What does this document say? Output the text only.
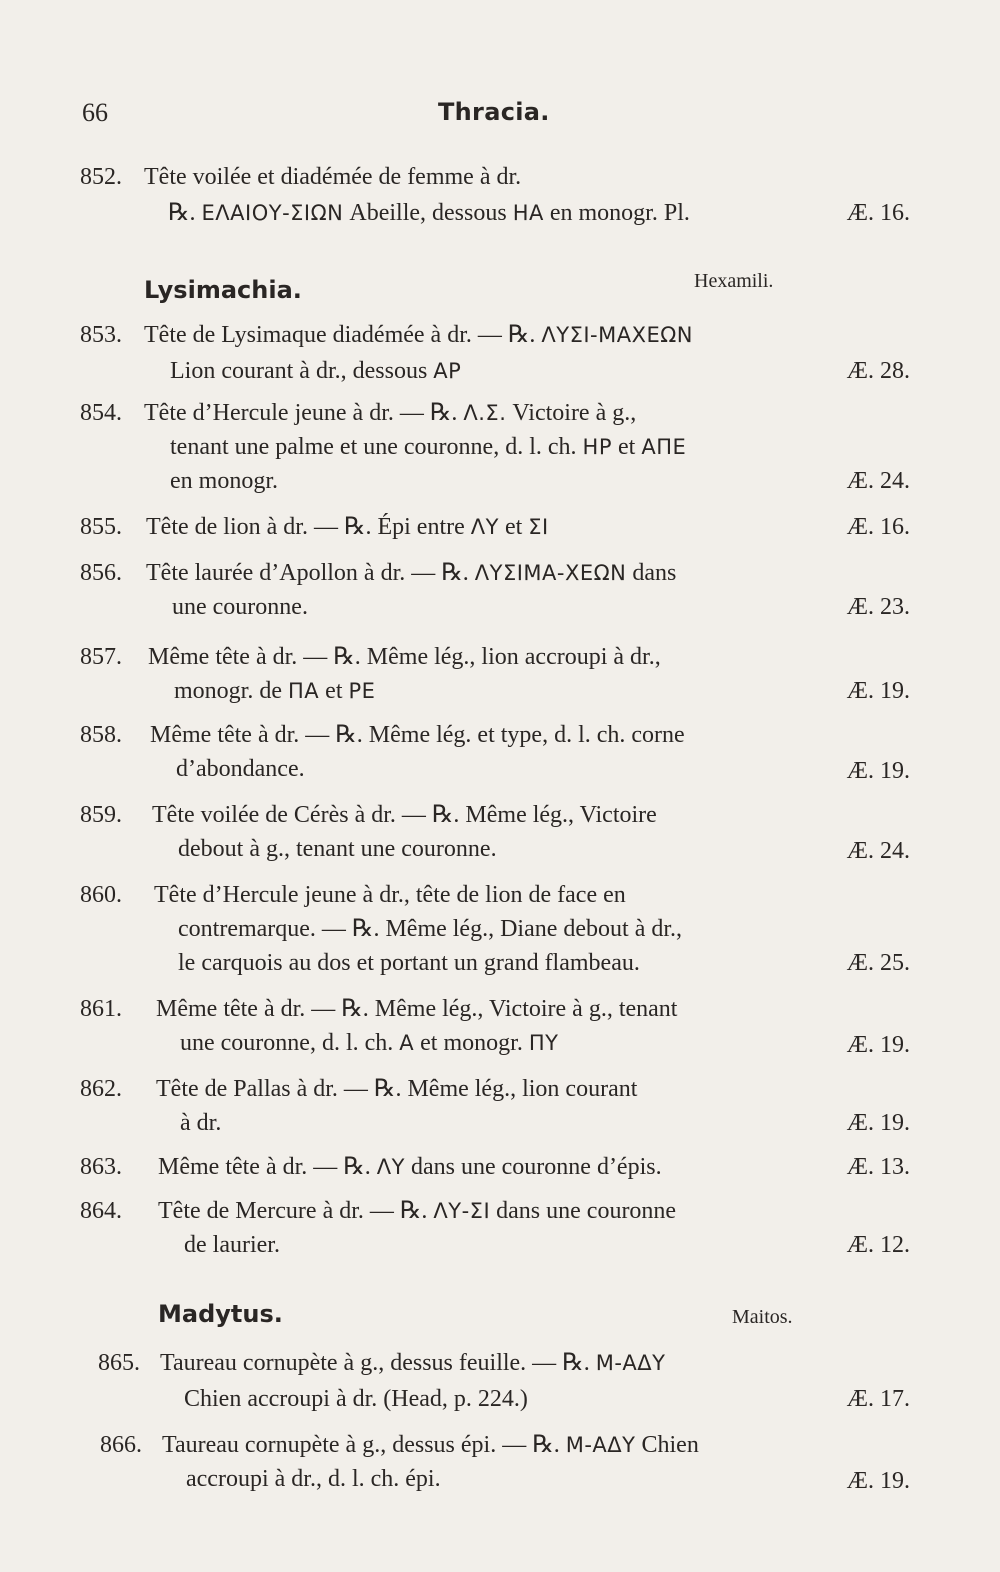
66	Thracia.
852. Tête voilée et diadémée de femme à dr.
℞. ΕΛΑΙΟΥ-ΣΙΩΝ Abeille, dessous ΗΑ en monogr. Pl.	Æ. 16.
Lysimachia.	Hexamili.
853. Tête de Lysimaque diadémée à dr. — ℞. ΛΥΣΙ-ΜΑΧΕΩΝ
Lion courant à dr., dessous ΑΡ	Æ. 28.
854. Tête d’Hercule jeune à dr. — ℞. Λ.Σ. Victoire à g.,
tenant une palme et une couronne, d. l. ch. ΗΡ et ΑΠΕ
en monogr.	Æ. 24.
855. Tête de lion à dr. — ℞. Épi entre ΛΥ et ΣΙ	Æ. 16.
856. Tête laurée d’Apollon à dr. — ℞. ΛΥΣΙΜΑ-ΧΕΩΝ dans
une couronne.	Æ. 23.
857. Même tête à dr. — ℞. Même lég., lion accroupi à dr.,
monogr. de ΠΑ et ΡΕ	Æ. 19.
858. Même tête à dr. — ℞. Même lég. et type, d. l. ch. corne
d’abondance.	Æ. 19.
859. Tête voilée de Cérès à dr. — ℞. Même lég., Victoire
debout à g., tenant une couronne.	Æ. 24.
860. Tête d’Hercule jeune à dr., tête de lion de face en
contremarque. — ℞. Même lég., Diane debout à dr.,
le carquois au dos et portant un grand flambeau.	Æ. 25.
861. Même tête à dr. — ℞. Même lég., Victoire à g., tenant
une couronne, d. l. ch. Α et monogr. ΠΥ	Æ. 19.
862. Tête de Pallas à dr. — ℞. Même lég., lion courant
à dr.	Æ. 19.
863. Même tête à dr. — ℞. ΛΥ dans une couronne d’épis.	Æ. 13.
864. Tête de Mercure à dr. — ℞. ΛΥ-ΣΙ dans une couronne
de laurier.	Æ. 12.
Madytus.	Maitos.
865. Taureau cornupète à g., dessus feuille. — ℞. Μ-ΑΔΥ
Chien accroupi à dr. (Head, p. 224.)	Æ. 17.
866. Taureau cornupète à g., dessus épi. — ℞. Μ-ΑΔΥ Chien
accroupi à dr., d. l. ch. épi.	Æ. 19.
